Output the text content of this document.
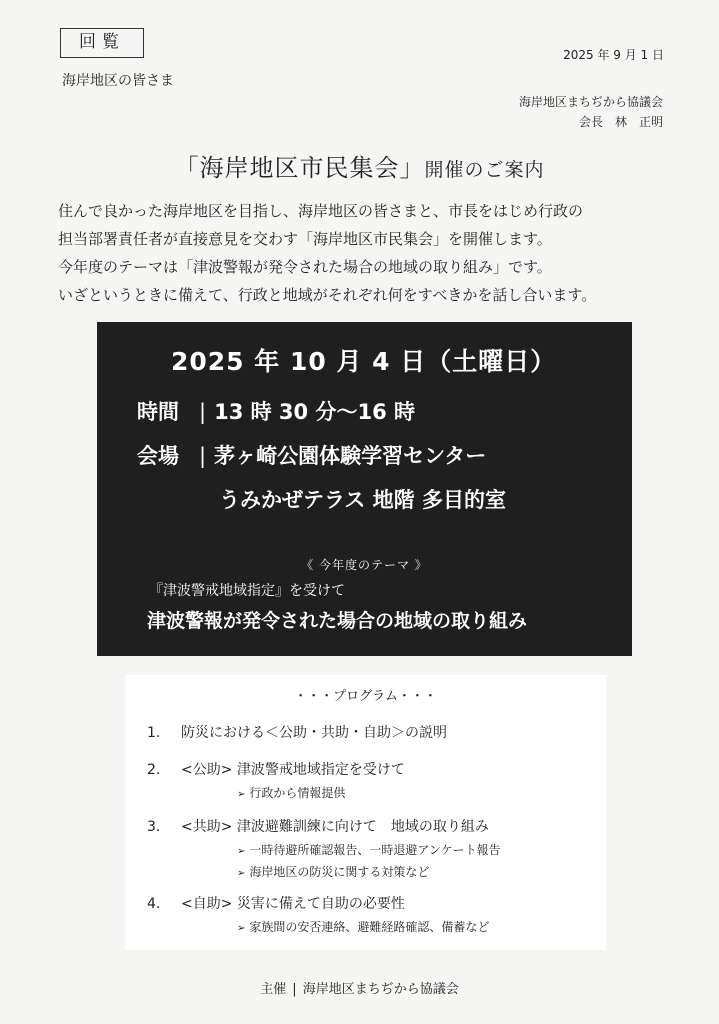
回覧
海岸地区の皆さま
2025 年 9 月 1 日
海岸地区まちぢから協議会
会長　林　正明
「海岸地区市民集会」開催のご案内

住んで良かった海岸地区を目指し、海岸地区の皆さまと、市長をはじめ行政の

担当部署責任者が直接意見を交わす「海岸地区市民集会」を開催します。

今年度のテーマは「津波警報が発令された場合の地域の取り組み」です。

いざというときに備えて、行政と地域がそれぞれ何をすべきかを話し合います。

2025 年 10 月 4 日（土曜日）
時間 | 13 時 30 分～16 時
会場 | 茅ヶ崎公園体験学習センター
うみかぜテラス 地階 多目的室
《 今年度のテーマ 》
『津波警戒地域指定』を受けて
津波警報が発令された場合の地域の取り組み
・・・プログラム・・・
1. 防災における＜公助・共助・自助＞の説明
2. <公助> 津波警戒地域指定を受けて
➢ 行政から情報提供
3. <共助> 津波避難訓練に向けて　地域の取り組み
➢ 一時待避所確認報告、一時退避アンケート報告
➢ 海岸地区の防災に関する対策など
4. <自助> 災害に備えて自助の必要性
➢ 家族間の安否連絡、避難経路確認、備蓄など
主催 | 海岸地区まちぢから協議会
